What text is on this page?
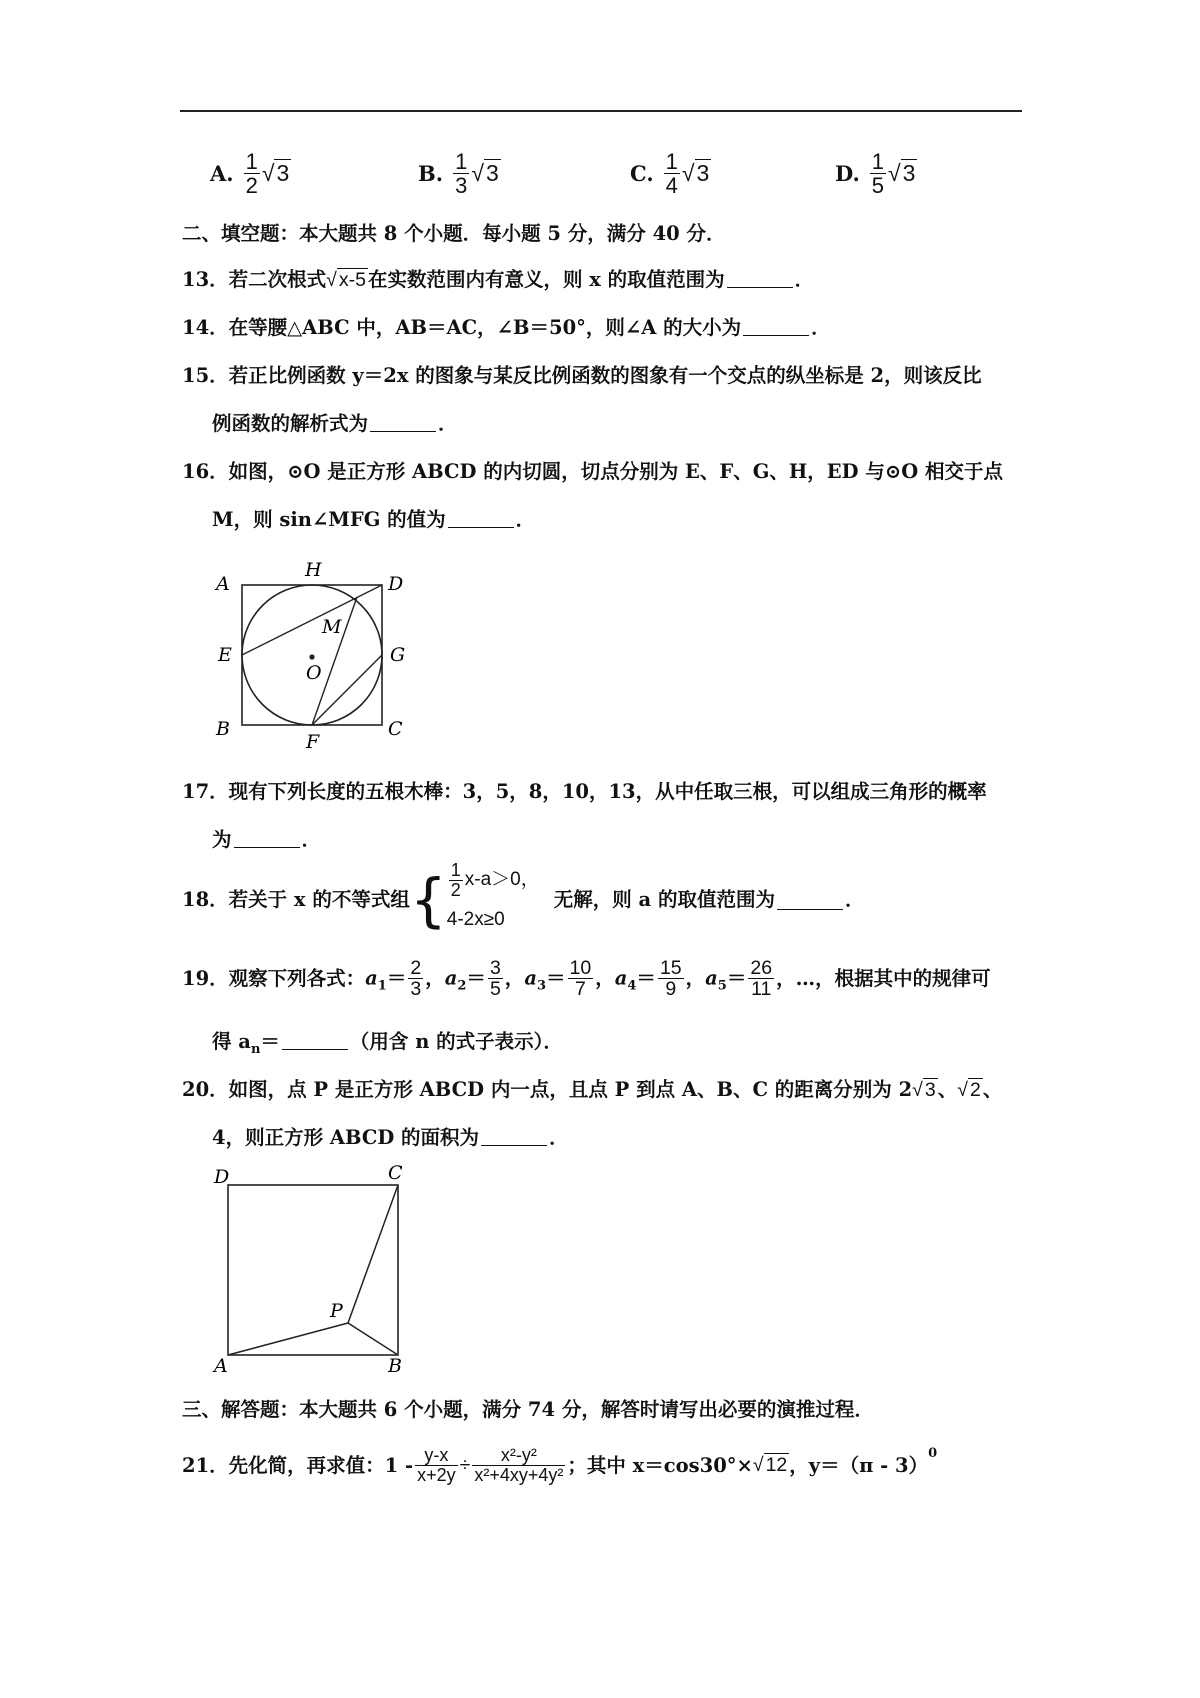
A. $\frac{1}{2} √3$	B. $\frac{1}{3} √3$	C. $\frac{1}{4} √3$	D. $\frac{1}{5} √3$
二、填空题：本大题共 8 个小题．每小题 5 分，满分 40 分．
13．若二次根式√ x-5 在实数范围内有意义，则 x 的取值范围为	．
14．在等腰△ABC 中，AB＝AC，∠B＝50°，则∠A 的大小为	．
15．若正比例函数 y＝2x 的图象与某反比例函数的图象有一个交点的纵坐标是 2，则该反比
例函数的解析式为	．
16．如图，⊙O 是正方形 ABCD 的内切圆，切点分别为 E、F、G、H，ED 与⊙O 相交于点
M，则 sin∠MFG 的值为	．
A
B	C
D
E
F
G
H
M
O
17．现有下列长度的五根木棒：3，5，8，10，13，从中任取三根，可以组成三角形的概率
为	．
18． 若关于 x 的不等式组 { $\frac{1}{2} x-a>0$，
4-2x≥0
无解，则 a 的取值范围为	．
19． 观察下列各式： $a_1= \frac{2}{3}$ ， $a_2= \frac{3}{5}$ ， $a_3= \frac{10}{7}$ ， $a_4= \frac{15}{9}$ ， $a_5= \frac{26}{11}$ ，…，根据其中的规律可
得 $a_n=$	（用含 n 的式子表示）．
20．如图，点 P 是正方形 ABCD 内一点，且点 P 到点 A、B、C 的距离分别为 2√ 3 、√ 2 、
4，则正方形 ABCD 的面积为	．
D	C
A	B
P
三、解答题：本大题共 6 个小题，满分 74 分，解答时请写出必要的演推过程．
21． 先化简，再求值：$1 - \frac{y-x}{x+2y} \div \frac{\text{x²-y²}}{\text{x²+4xy+4y²}}$ ；其中 x＝cos30°× √ 12 ，y＝（π - 3）
$^0$
